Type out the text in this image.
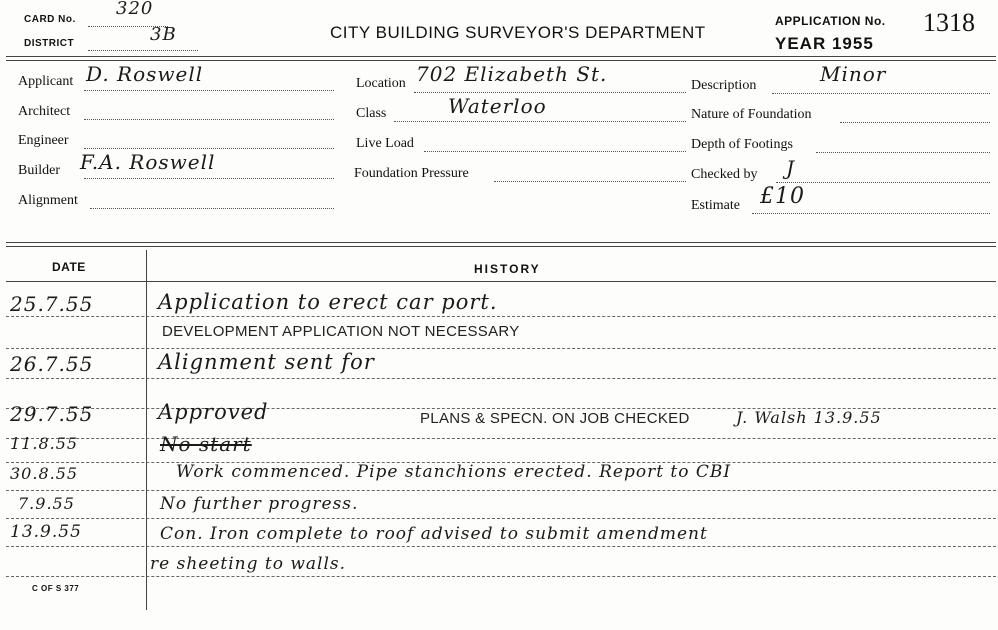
CARD No.
320
DISTRICT	3B	CITY BUILDING SURVEYOR'S DEPARTMENT
APPLICATION No. 1318
YEAR 1955
Applicant D. Roswell
Architect
Engineer
Builder F.A. Roswell
Alignment
Location 702 Elizabeth St.
Class	Waterloo
Live Load
Foundation Pressure
Description	Minor
Nature of Foundation
Depth of Footings
Checked by J
Estimate £10
DATE	HISTORY
25.7.55	Application to erect car port.
DEVELOPMENT APPLICATION NOT NECESSARY
26.7.55	Alignment sent for
29.7.55	Approved	PLANS & SPECN. ON JOB CHECKED	J. Walsh 13.9.55
11.8.55	No start
30.8.55	Work commenced. Pipe stanchions erected. Report to CBI
7.9.55	No further progress.
13.9.55	Con. Iron complete to roof advised to submit amendment
re sheeting to walls.
C OF S 377
